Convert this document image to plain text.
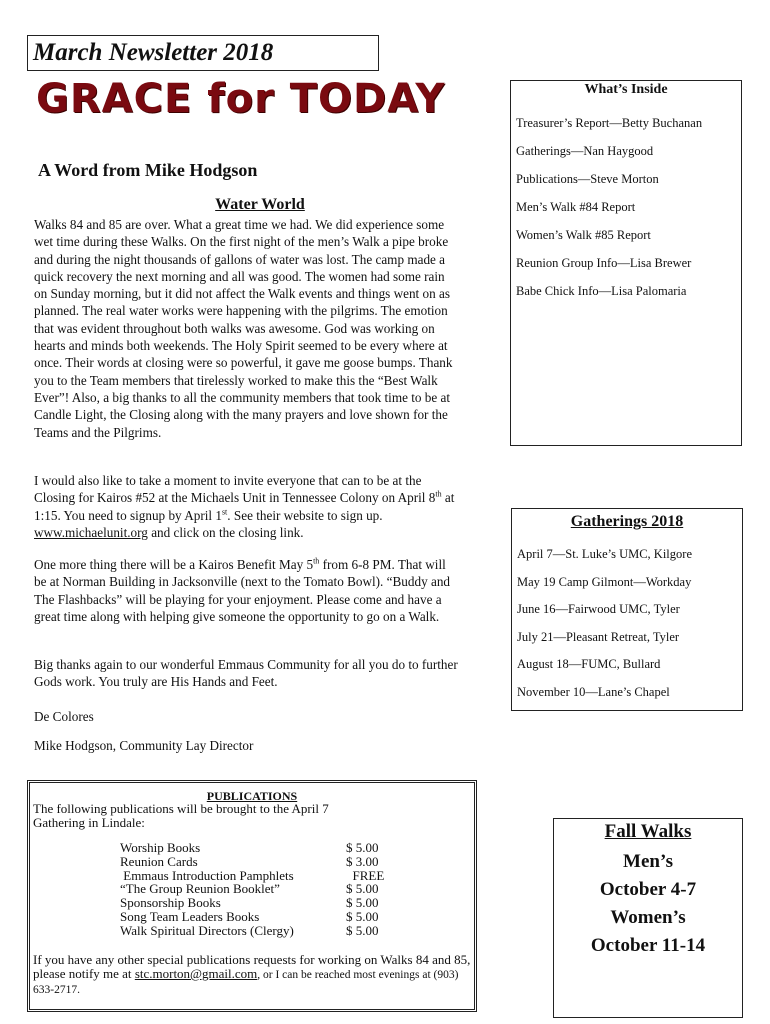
March Newsletter 2018
GRACE for TODAY
A Word from Mike Hodgson
Water World
Walks 84 and 85 are over. What a great time we had. We did experience some wet time during these Walks. On the first night of the men’s Walk a pipe broke and during the night thousands of gallons of water was lost. The camp made a quick recovery the next morning and all was good. The women had some rain on Sunday morning, but it did not affect the Walk events and things went on as planned. The real water works were happening with the pilgrims. The emotion that was evident throughout both walks was awesome. God was working on hearts and minds both weekends. The Holy Spirit seemed to be every where at once. Their words at closing were so powerful, it gave me goose bumps. Thank you to the Team members that tirelessly worked to make this the “Best Walk Ever”! Also, a big thanks to all the community members that took time to be at Candle Light, the Closing along with the many prayers and love shown for the Teams and the Pilgrims.
I would also like to take a moment to invite everyone that can to be at the Closing for Kairos #52 at the Michaels Unit in Tennessee Colony on April 8th at 1:15. You need to signup by April 1st. See their website to sign up.
www.michaelunit.org and click on the closing link.
One more thing there will be a Kairos Benefit May 5th from 6-8 PM. That will be at Norman Building in Jacksonville (next to the Tomato Bowl). “Buddy and The Flashbacks” will be playing for your enjoyment. Please come and have a great time along with helping give someone the opportunity to go on a Walk.
Big thanks again to our wonderful Emmaus Community for all you do to further Gods work. You truly are His Hands and Feet.
De Colores
Mike Hodgson, Community Lay Director
What’s Inside
Treasurer’s Report—Betty Buchanan
Gatherings—Nan Haygood
Publications—Steve Morton
Men’s Walk #84 Report
Women’s Walk #85 Report
Reunion Group Info—Lisa Brewer
Babe Chick Info—Lisa Palomaria
Gatherings 2018
April 7—St. Luke’s UMC, Kilgore
May 19 Camp Gilmont—Workday
June 16—Fairwood UMC, Tyler
July 21—Pleasant Retreat, Tyler
August 18—FUMC, Bullard
November 10—Lane’s Chapel
PUBLICATIONS
The following publications will be brought to the April 7 Gathering in Lindale:
Worship Books	$ 5.00
Reunion Cards	$ 3.00
Emmaus Introduction Pamphlets	FREE
“The Group Reunion Booklet”	$ 5.00
Sponsorship Books	$ 5.00
Song Team Leaders Books	$ 5.00
Walk Spiritual Directors (Clergy)	$ 5.00
If you have any other special publications requests for working on Walks 84 and 85, please notify me at stc.morton@gmail.com, or I can be reached most evenings at (903) 633-2717.
Fall Walks
Men’s
October 4-7
Women’s
October 11-14
